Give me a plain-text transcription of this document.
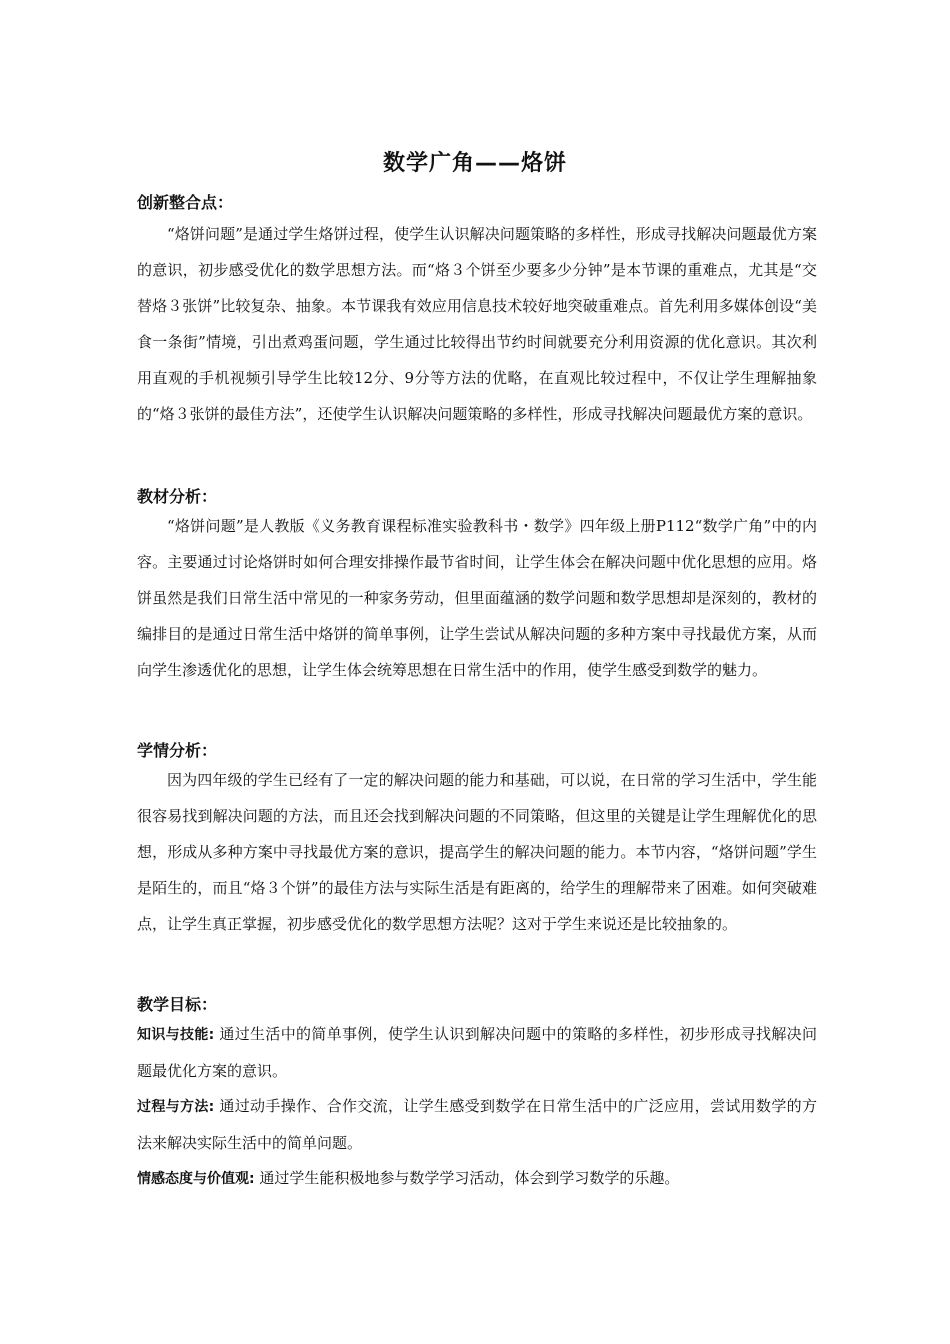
数学广角——烙饼
创新整合点：
“烙饼问题”是通过学生烙饼过程，使学生认识解决问题策略的多样性，形成寻找解决问题最优方案的意识，初步感受优化的数学思想方法。而“烙３个饼至少要多少分钟”是本节课的重难点，尤其是“交替烙３张饼”比较复杂、抽象。本节课我有效应用信息技术较好地突破重难点。首先利用多媒体创设“美食一条街”情境，引出煮鸡蛋问题，学生通过比较得出节约时间就要充分利用资源的优化意识。其次利用直观的手机视频引导学生比较12分、9分等方法的优略，在直观比较过程中，不仅让学生理解抽象的“烙３张饼的最佳方法”，还使学生认识解决问题策略的多样性，形成寻找解决问题最优方案的意识。
教材分析：
“烙饼问题”是人教版《义务教育课程标准实验教科书・数学》四年级上册P112“数学广角”中的内容。主要通过讨论烙饼时如何合理安排操作最节省时间，让学生体会在解决问题中优化思想的应用。烙饼虽然是我们日常生活中常见的一种家务劳动，但里面蕴涵的数学问题和数学思想却是深刻的，教材的编排目的是通过日常生活中烙饼的简单事例，让学生尝试从解决问题的多种方案中寻找最优方案，从而向学生渗透优化的思想，让学生体会统筹思想在日常生活中的作用，使学生感受到数学的魅力。
学情分析：
因为四年级的学生已经有了一定的解决问题的能力和基础，可以说，在日常的学习生活中，学生能很容易找到解决问题的方法，而且还会找到解决问题的不同策略，但这里的关键是让学生理解优化的思想，形成从多种方案中寻找最优方案的意识，提高学生的解决问题的能力。本节内容，“烙饼问题”学生是陌生的，而且“烙３个饼”的最佳方法与实际生活是有距离的，给学生的理解带来了困难。如何突破难点，让学生真正掌握，初步感受优化的数学思想方法呢？这对于学生来说还是比较抽象的。
教学目标：
知识与技能: 通过生活中的简单事例，使学生认识到解决问题中的策略的多样性，初步形成寻找解决问题最优化方案的意识。
过程与方法: 通过动手操作、合作交流，让学生感受到数学在日常生活中的广泛应用，尝试用数学的方法来解决实际生活中的简单问题。
情感态度与价值观: 通过学生能积极地参与数学学习活动，体会到学习数学的乐趣。
